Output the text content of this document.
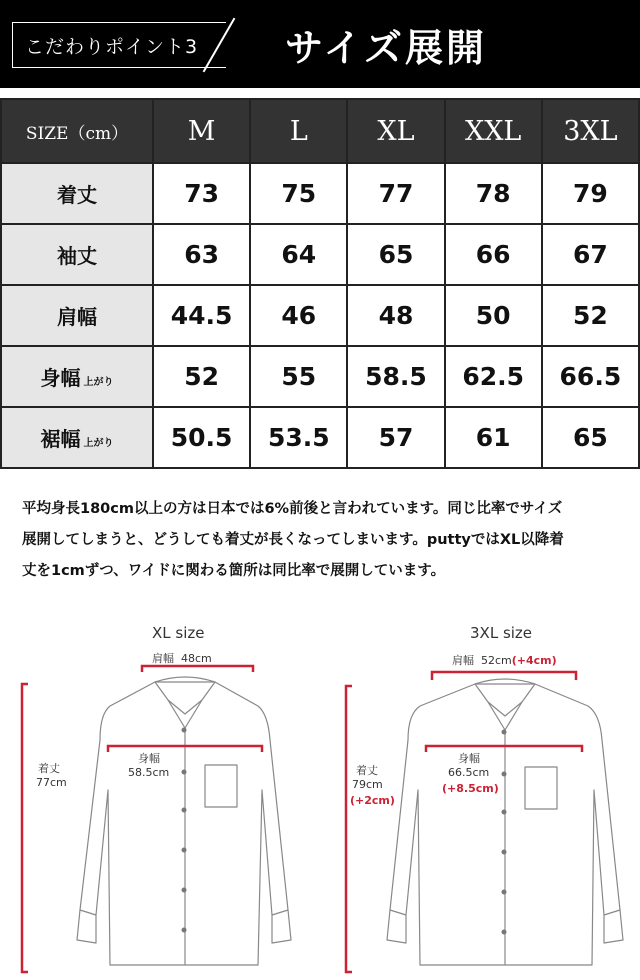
こだわりポイント3 サイズ展開
SIZE（cm）	M	L	XL	XXL	3XL
着丈	73	75	77	78	79
袖丈	63	64	65	66	67
肩幅	44.5	46	48	50	52
身幅 上がり	52	55	58.5	62.5	66.5
裾幅 上がり	50.5	53.5	57	61	65
平均身長180cm以上の方は日本では6%前後と言われています。同じ比率でサイズ
展開してしまうと、どうしても着丈が長くなってしまいます。puttyではXL以降着
丈を1cmずつ、ワイドに関わる箇所は同比率で展開しています。
XL size
肩幅 48cm
身幅
58.5cm
着丈
77cm
3XL size
肩幅 52cm(+4cm)
身幅
66.5cm
(+8.5cm)
着丈
79cm
(+2cm)
